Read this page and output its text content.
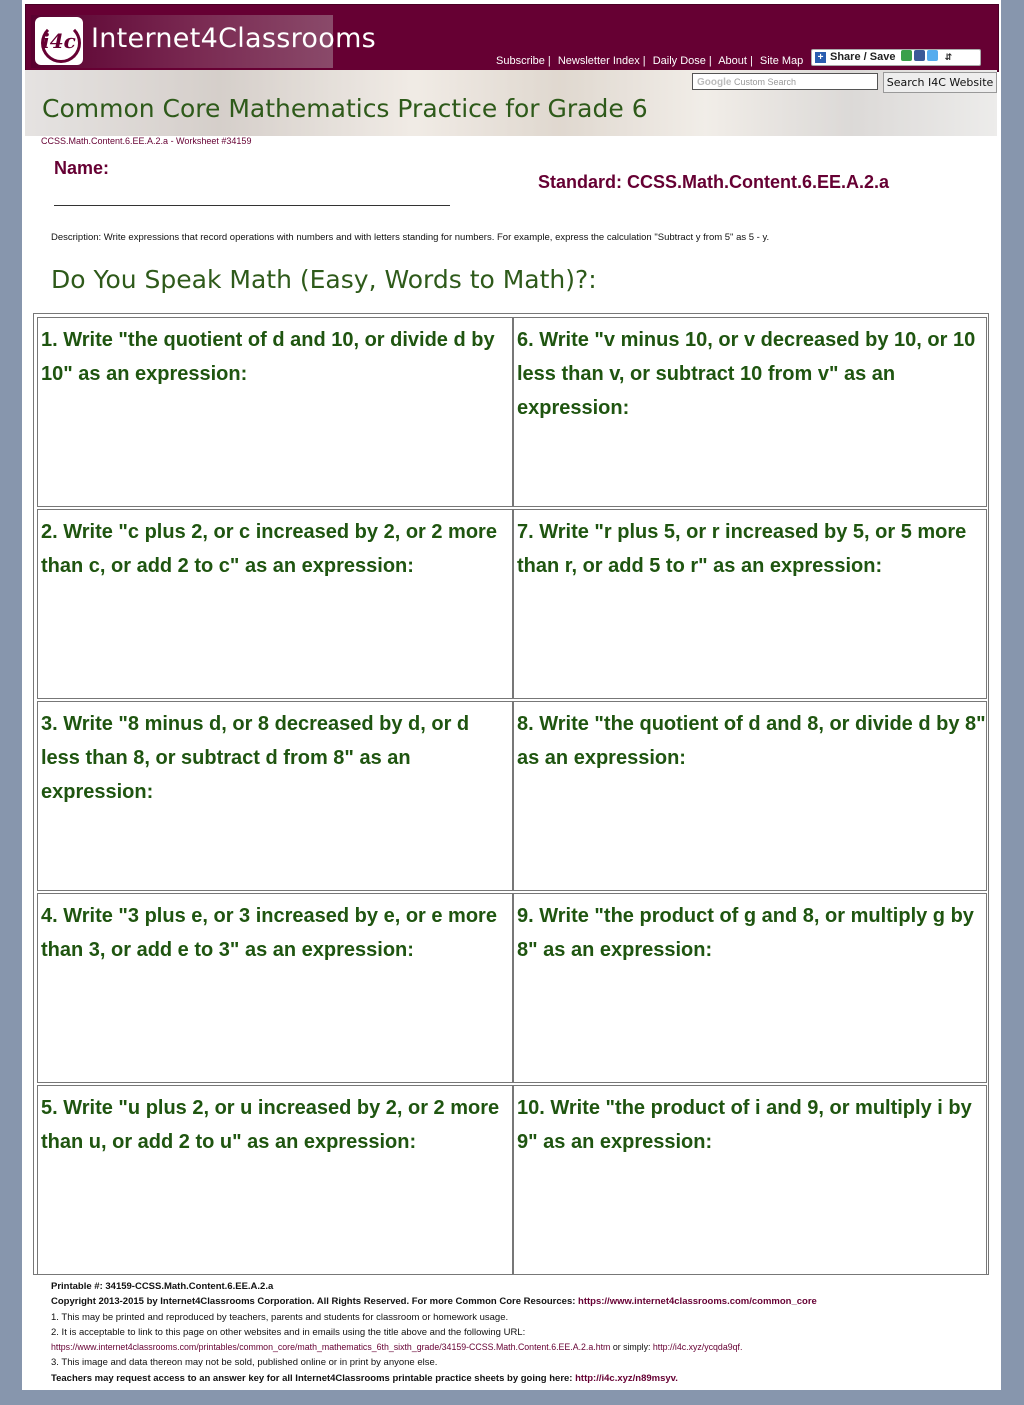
i4c Internet4Classrooms
Subscribe | Newsletter Index | Daily Dose | About | Site Map	+ Share / Save	⇵
Google Custom Search	Search I4C Website
Common Core Mathematics Practice for Grade 6
CCSS.Math.Content.6.EE.A.2.a - Worksheet #34159
Name:
Standard: CCSS.Math.Content.6.EE.A.2.a
Description: Write expressions that record operations with numbers and with letters standing for numbers. For example, express the calculation "Subtract y from 5" as 5 - y.
Do You Speak Math (Easy, Words to Math)?:
1. Write "the quotient of d and 10, or divide d by 10" as an expression:
6. Write "v minus 10, or v decreased by 10, or 10 less than v, or subtract 10 from v" as an expression:
2. Write "c plus 2, or c increased by 2, or 2 more than c, or add 2 to c" as an expression:
7. Write "r plus 5, or r increased by 5, or 5 more than r, or add 5 to r" as an expression:
3. Write "8 minus d, or 8 decreased by d, or d less than 8, or subtract d from 8" as an expression:
8. Write "the quotient of d and 8, or divide d by 8" as an expression:
4. Write "3 plus e, or 3 increased by e, or e more than 3, or add e to 3" as an expression:
9. Write "the product of g and 8, or multiply g by 8" as an expression:
5. Write "u plus 2, or u increased by 2, or 2 more than u, or add 2 to u" as an expression:
10. Write "the product of i and 9, or multiply i by 9" as an expression:
Printable #: 34159-CCSS.Math.Content.6.EE.A.2.a
Copyright 2013-2015 by Internet4Classrooms Corporation. All Rights Reserved. For more Common Core Resources: https://www.internet4classrooms.com/common_core
1. This may be printed and reproduced by teachers, parents and students for classroom or homework usage.
2. It is acceptable to link to this page on other websites and in emails using the title above and the following URL:
https://www.internet4classrooms.com/printables/common_core/math_mathematics_6th_sixth_grade/34159-CCSS.Math.Content.6.EE.A.2.a.htm or simply: http://i4c.xyz/ycqda9qf.
3. This image and data thereon may not be sold, published online or in print by anyone else.
Teachers may request access to an answer key for all Internet4Classrooms printable practice sheets by going here: http://i4c.xyz/n89msyv.
